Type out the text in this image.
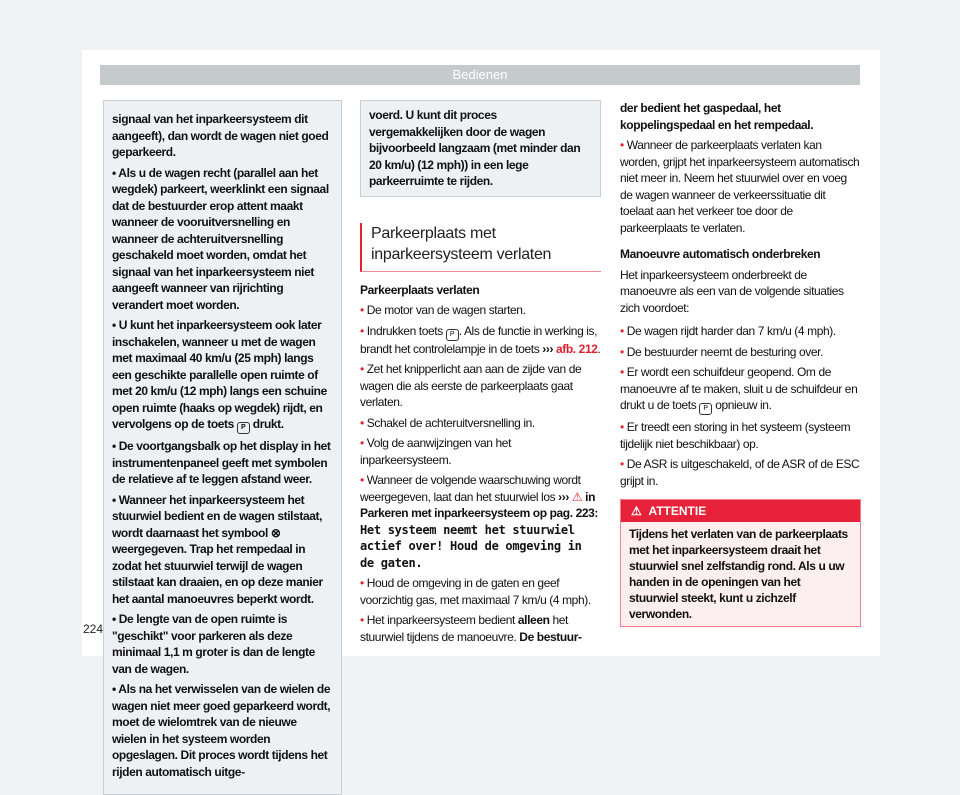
Bedienen

signaal van het inparkeersysteem dit aangeeft), dan wordt de wagen niet goed geparkeerd.

• Als u de wagen recht (parallel aan het wegdek) parkeert, weerklinkt een signaal dat de bestuurder erop attent maakt wanneer de vooruitversnelling en wanneer de achteruitversnelling geschakeld moet worden, omdat het signaal van het inparkeersysteem niet aangeeft wanneer van rijrichting verandert moet worden.

• U kunt het inparkeersysteem ook later inschakelen, wanneer u met de wagen met maximaal 40 km/u (25 mph) langs een geschikte parallelle open ruimte of met 20 km/u (12 mph) langs een schuine open ruimte (haaks op wegdek) rijdt, en vervolgens op de toets P drukt.

• De voortgangsbalk op het display in het instrumentenpaneel geeft met symbolen de relatieve af te leggen afstand weer.

• Wanneer het inparkeersysteem het stuurwiel bedient en de wagen stilstaat, wordt daarnaast het symbool ⊗ weergegeven. Trap het rempedaal in zodat het stuurwiel terwijl de wagen stilstaat kan draaien, en op deze manier het aantal manoeuvres beperkt wordt.

• De lengte van de open ruimte is "geschikt" voor parkeren als deze minimaal 1,1 m groter is dan de lengte van de wagen.

• Als na het verwisselen van de wielen de wagen niet meer goed geparkeerd wordt, moet de wielomtrek van de nieuwe wielen in het systeem worden opgeslagen. Dit proces wordt tijdens het rijden automatisch uitge-

voerd. U kunt dit proces vergemakkelijken door de wagen bijvoorbeeld langzaam (met minder dan 20 km/u) (12 mph)) in een lege parkeerruimte te rijden.
Parkeerplaats met inparkeersysteem verlaten

Parkeerplaats verlaten

• De motor van de wagen starten.

• Indrukken toets P . Als de functie in werking is, brandt het controlelampje in de toets ››› afb. 212.

• Zet het knipperlicht aan aan de zijde van de wagen die als eerste de parkeerplaats gaat verlaten.

• Schakel de achteruitversnelling in.

• Volg de aanwijzingen van het inparkeersysteem.

• Wanneer de volgende waarschuwing wordt weergegeven, laat dan het stuurwiel los ››› ⚠ in Parkeren met inparkeersysteem op pag. 223: Het systeem neemt het stuurwiel actief over! Houd de omgeving in de gaten.

• Houd de omgeving in de gaten en geef voorzichtig gas, met maximaal 7 km/u (4 mph).

• Het inparkeersysteem bedient alleen het stuurwiel tijdens de manoeuvre. De bestuur-

der bedient het gaspedaal, het koppelingspedaal en het rempedaal.

• Wanneer de parkeerplaats verlaten kan worden, grijpt het inparkeersysteem automatisch niet meer in. Neem het stuurwiel over en voeg de wagen wanneer de verkeerssituatie dit toelaat aan het verkeer toe door de parkeerplaats te verlaten.

Manoeuvre automatisch onderbreken

Het inparkeersysteem onderbreekt de manoeuvre als een van de volgende situaties zich voordoet:

• De wagen rijdt harder dan 7 km/u (4 mph).

• De bestuurder neemt de besturing over.

• Er wordt een schuifdeur geopend. Om de manoeuvre af te maken, sluit u de schuifdeur en drukt u de toets P opnieuw in.

• Er treedt een storing in het systeem (systeem tijdelijk niet beschikbaar) op.

• De ASR is uitgeschakeld, of de ASR of de ESC grijpt in.

⚠ ATTENTIE
Tijdens het verlaten van de parkeerplaats met het inparkeersysteem draait het stuurwiel snel zelfstandig rond. Als u uw handen in de openingen van het stuurwiel steekt, kunt u zichzelf verwonden.
224
